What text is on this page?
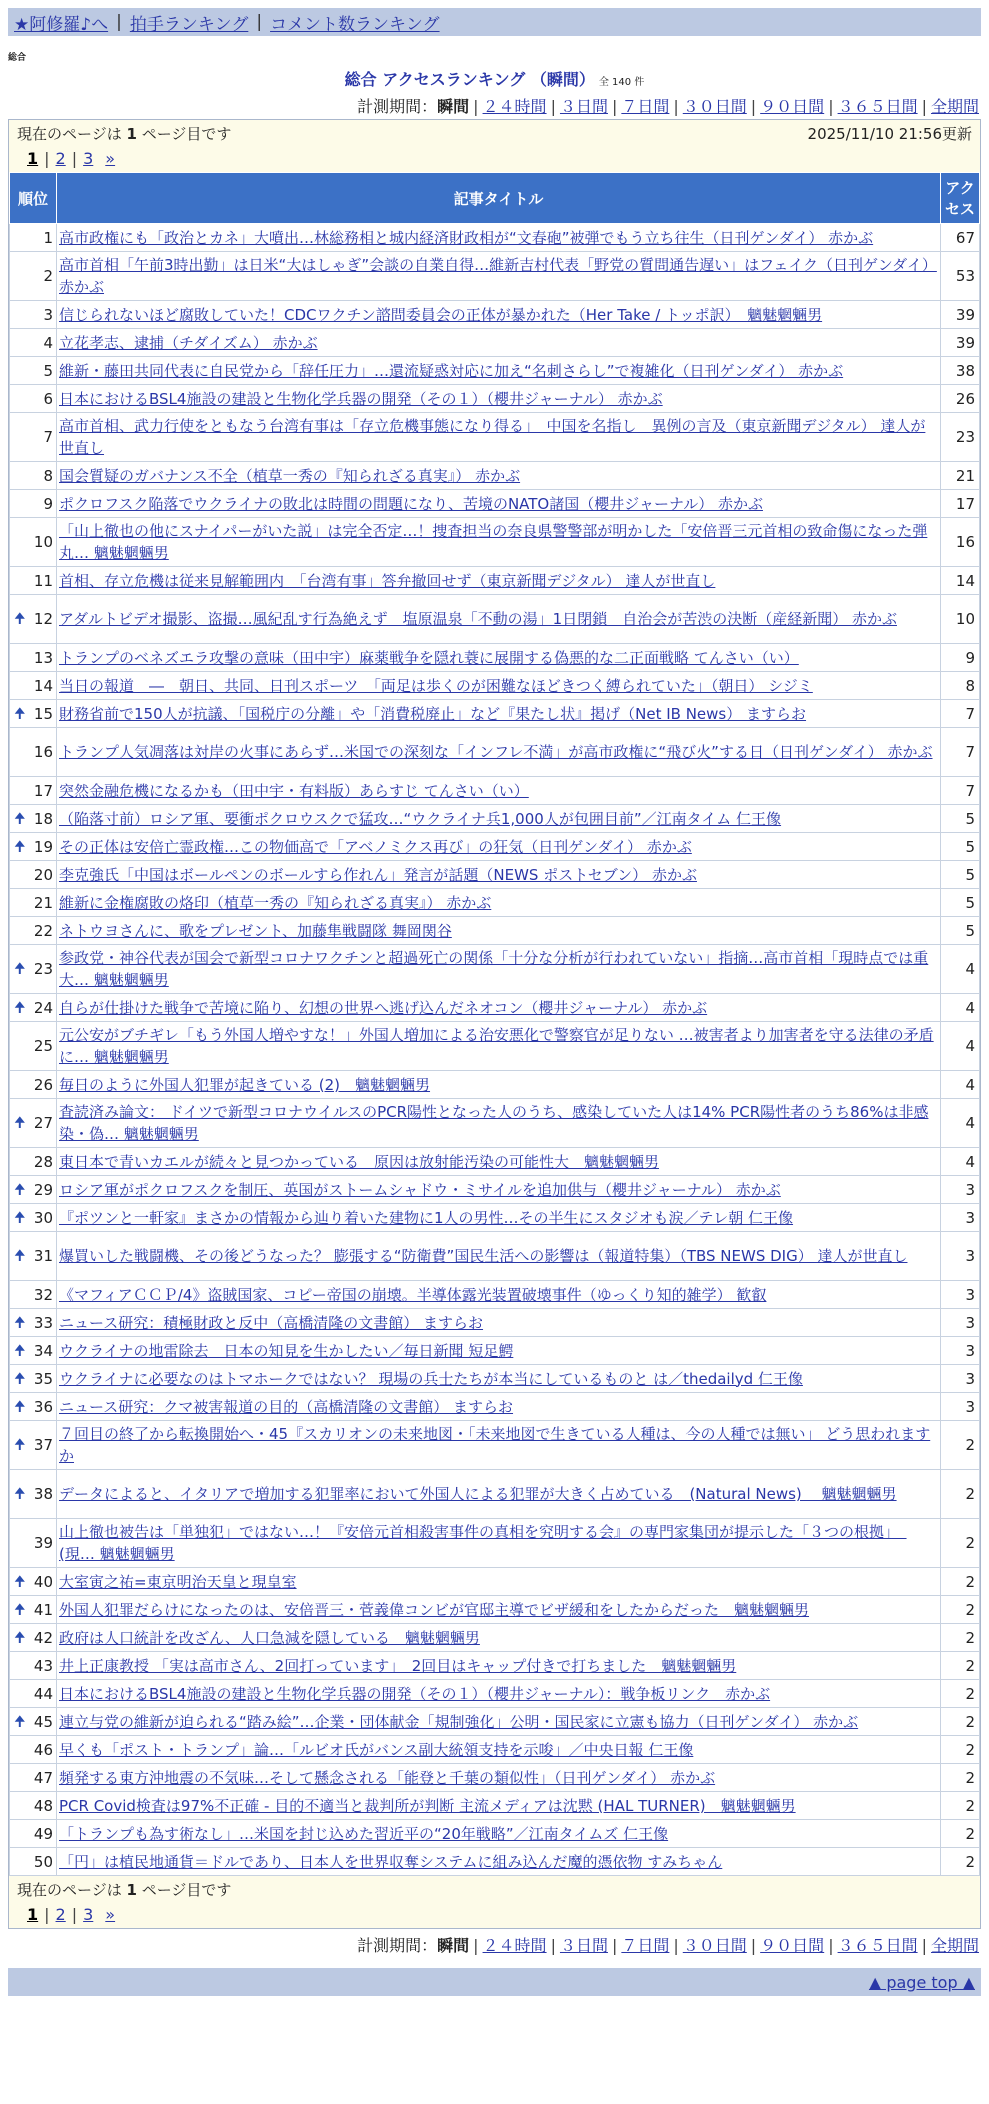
★阿修羅♪へ | 拍手ランキング | コメント数ランキング
総合
総合 アクセスランキング （瞬間） 全 140 件
計測期間：瞬間 | ２４時間 | ３日間 | ７日間 | ３０日間 | ９０日間 | ３６５日間 | 全期間
現在のページは 1 ページ目です	2025/11/10 21:56更新
1 | 2 | 3 »
順位	記事タイトル	アクセス
1	高市政権にも「政治とカネ」大噴出…林総務相と城内経済財政相が“文春砲”被弾でもう立ち往生（日刊ゲンダイ） 赤かぶ	67
2	高市首相「午前3時出勤」は日米“大はしゃぎ”会談の自業自得…維新吉村代表「野党の質問通告遅い」はフェイク（日刊ゲンダイ） 赤かぶ	53
3	信じられないほど腐敗していた！CDCワクチン諮問委員会の正体が暴かれた（Her Take / トッポ訳）　魑魅魍魎男	39
4	立花孝志、逮捕（チダイズム） 赤かぶ	39
5	維新・藤田共同代表に自民党から「辞任圧力」…還流疑惑対応に加え“名刺さらし”で複雑化（日刊ゲンダイ） 赤かぶ	38
6	日本におけるBSL4施設の建設と生物化学兵器の開発（その１）（櫻井ジャーナル） 赤かぶ	26
7	高市首相、武力行使をともなう台湾有事は「存立危機事態になり得る」　中国を名指し　異例の言及（東京新聞デジタル） 達人が世直し	23
8	国会質疑のガバナンス不全（植草一秀の『知られざる真実』） 赤かぶ	21
9	ポクロフスク陥落でウクライナの敗北は時間の問題になり、苦境のNATO諸国（櫻井ジャーナル） 赤かぶ	17
10	「山上徹也の他にスナイパーがいた説」は完全否定…！捜査担当の奈良県警警部が明かした「安倍晋三元首相の致命傷になった弾丸… 魑魅魍魎男	16
11	首相、存立危機は従来見解範囲内　「台湾有事」答弁撤回せず（東京新聞デジタル） 達人が世直し	14

🠉 12	アダルトビデオ撮影、盗撮…風紀乱す行為絶えず　塩原温泉「不動の湯」1日閉鎖　自治会が苦渋の決断（産経新聞） 赤かぶ	10
13	トランプのベネズエラ攻撃の意味（田中宇）麻薬戦争を隠れ蓑に展開する偽悪的な二正面戦略 てんさい（い）	9
14	当日の報道　―　朝日、共同、日刊スポーツ　「両足は歩くのが困難なほどきつく縛られていた」（朝日） シジミ	8

🠉 15	財務省前で150人が抗議、「国税庁の分離」や「消費税廃止」など『果たし状』掲げ（Net IB News） ますらお	7
16	トランプ人気凋落は対岸の火事にあらず…米国での深刻な「インフレ不満」が高市政権に“飛び火”する日（日刊ゲンダイ） 赤かぶ	7
17	突然金融危機になるかも（田中宇・有料版）あらすじ てんさい（い）	7

🠉 18	（陥落寸前）ロシア軍、要衝ポクロウスクで猛攻…“ウクライナ兵1,000人が包囲目前”／江南タイム 仁王像	5

🠉 19	その正体は安倍亡霊政権…この物価高で「アベノミクス再び」の狂気（日刊ゲンダイ） 赤かぶ	5
20	李克強氏「中国はボールペンのボールすら作れん」発言が話題（NEWS ポストセブン） 赤かぶ	5
21	維新に金権腐敗の烙印（植草一秀の『知られざる真実』） 赤かぶ	5
22	ネトウヨさんに、歌をプレゼント、加藤隼戦闘隊 舞岡関谷	5

🠉 23	参政党・神谷代表が国会で新型コロナワクチンと超過死亡の関係「十分な分析が行われていない」指摘…高市首相「現時点では重大… 魑魅魍魎男	4

🠉 24	自らが仕掛けた戦争で苦境に陥り、幻想の世界へ逃げ込んだネオコン（櫻井ジャーナル） 赤かぶ	4
25	元公安がブチギレ「もう外国人増やすな！」外国人増加による治安悪化で警察官が足りない …被害者より加害者を守る法律の矛盾に… 魑魅魍魎男	4
26	毎日のように外国人犯罪が起きている (2)　魑魅魍魎男	4

🠉 27	査読済み論文： ドイツで新型コロナウイルスのPCR陽性となった人のうち、感染していた人は14% PCR陽性者のうち86%は非感染・偽… 魑魅魍魎男	4
28	東日本で青いカエルが続々と見つかっている　原因は放射能汚染の可能性大　魑魅魍魎男	4

🠉 29	ロシア軍がポクロフスクを制圧、英国がストームシャドウ・ミサイルを追加供与（櫻井ジャーナル） 赤かぶ	3

🠉 30	『ポツンと一軒家』まさかの情報から辿り着いた建物に1人の男性…その半生にスタジオも涙／テレ朝 仁王像	3

🠉 31	爆買いした戦闘機、その後どうなった？ 膨張する“防衛費”国民生活への影響は（報道特集）（TBS NEWS DIG） 達人が世直し	3
32	《マフィアＣＣＰ/4》盗賊国家、コピー帝国の崩壊。半導体露光装置破壊事件（ゆっくり知的雑学） 歓叡	3

🠉 33	ニュース研究：積極財政と反中（高橋清隆の文書館） ますらお	3

🠉 34	ウクライナの地雷除去　日本の知見を生かしたい／毎日新聞 短足鰐	3

🠉 35	ウクライナに必要なのはトマホークではない？ 現場の兵士たちが本当にしているものと は／thedailyd 仁王像	3

🠉 36	ニュース研究：クマ被害報道の目的（高橋清隆の文書館） ますらお	3

🠉 37	７回目の終了から転換開始へ・45『スカリオンの未来地図・「未来地図で生きている人種は、今の人種では無い」 どう思われますか	2

🠉 38	データによると、イタリアで増加する犯罪率において外国人による犯罪が大きく占めている　(Natural News)　 魑魅魍魎男	2
39	山上徹也被告は「単独犯」ではない…！『安倍元首相殺害事件の真相を究明する会』の専門家集団が提示した「３つの根拠」　(現… 魑魅魍魎男	2

🠉 40	大室寅之祐=東京明治天皇と現皇室	2

🠉 41	外国人犯罪だらけになったのは、安倍晋三・菅義偉コンビが官邸主導でビザ緩和をしたからだった　魑魅魍魎男	2

🠉 42	政府は人口統計を改ざん、人口急減を隠している　魑魅魍魎男	2
43	井上正康教授 「実は高市さん、2回打っています」　2回目はキャップ付きで打ちました　魑魅魍魎男	2
44	日本におけるBSL4施設の建設と生物化学兵器の開発（その１）（櫻井ジャーナル）：戦争板リンク　赤かぶ	2

🠉 45	連立与党の維新が迫られる“踏み絵”…企業・団体献金「規制強化」公明・国民家に立憲も協力（日刊ゲンダイ） 赤かぶ	2
46	早くも「ポスト・トランプ」論…「ルビオ氏がバンス副大統領支持を示唆」／中央日報 仁王像	2
47	頻発する東方沖地震の不気味…そして懸念される「能登と千葉の類似性」（日刊ゲンダイ） 赤かぶ	2
48	PCR Covid検査は97%不正確 - 目的不適当と裁判所が判断 主流メディアは沈黙 (HAL TURNER)　魑魅魍魎男	2
49	「トランプも為す術なし」…米国を封じ込めた習近平の“20年戦略”／江南タイムズ 仁王像	2
50	「円」は植民地通貨＝ドルであり、日本人を世界収奪システムに組み込んだ魔的憑依物 すみちゃん	2
現在のページは 1 ページ目です
1 | 2 | 3 »
計測期間：瞬間 | ２４時間 | ３日間 | ７日間 | ３０日間 | ９０日間 | ３６５日間 | 全期間
▲ page top ▲
